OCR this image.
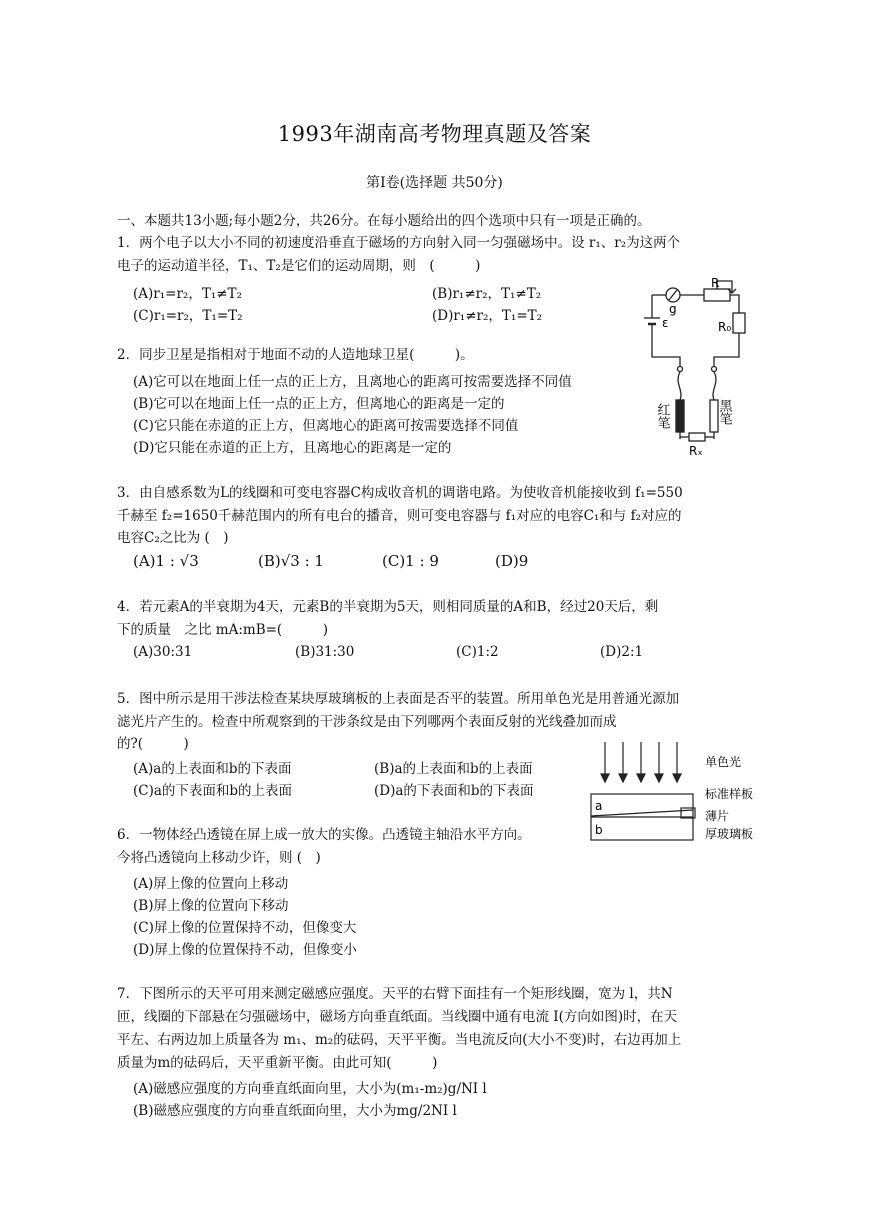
1993年湖南高考物理真题及答案
第Ⅰ卷(选择题 共50分)
一、本题共13小题;每小题2分，共26分。在每小题给出的四个选项中只有一项是正确的。
1．两个电子以大小不同的初速度沿垂直于磁场的方向射入同一匀强磁场中。设 r₁、r₂为这两个
电子的运动道半径，T₁、T₂是它们的运动周期，则　(　　　)
(A)r₁=r₂，T₁≠T₂	(B)r₁≠r₂，T₁≠T₂
(C)r₁=r₂，T₁=T₂	(D)r₁≠r₂，T₁=T₂	g
R
ε	R₀
红笔	黑笔
Rₓ
2．同步卫星是指相对于地面不动的人造地球卫星(　　　)。
(A)它可以在地面上任一点的正上方，且离地心的距离可按需要选择不同值
(B)它可以在地面上任一点的正上方，但离地心的距离是一定的
(C)它只能在赤道的正上方，但离地心的距离可按需要选择不同值
(D)它只能在赤道的正上方，且离地心的距离是一定的
3．由自感系数为L的线圈和可变电容器C构成收音机的调谐电路。为使收音机能接收到 f₁=550
千赫至 f₂=1650千赫范围内的所有电台的播音，则可变电容器与 f₁对应的电容C₁和与 f₂对应的
电容C₂之比为 (　)
(A)1 : √3	(B)√3 : 1	(C)1 : 9	(D)9
4．若元素A的半衰期为4天，元素B的半衰期为5天，则相同质量的A和B，经过20天后，剩
下的质量　之比 mA:mB=(　　　)
(A)30:31	(B)31:30	(C)1:2	(D)2:1
5．图中所示是用干涉法检查某块厚玻璃板的上表面是否平的装置。所用单色光是用普通光源加
滤光片产生的。检查中所观察到的干涉条纹是由下列哪两个表面反射的光线叠加而成
的?(　　　)
(A)a的上表面和b的下表面	(B)a的上表面和b的上表面
(C)a的下表面和b的上表面	(D)a的下表面和b的下表面
a
b
单色光
标准样板
薄片
厚玻璃板
6．一物体经凸透镜在屏上成一放大的实像。凸透镜主轴沿水平方向。
今将凸透镜向上移动少许，则 (　)
(A)屏上像的位置向上移动
(B)屏上像的位置向下移动
(C)屏上像的位置保持不动，但像变大
(D)屏上像的位置保持不动，但像变小
7．下图所示的天平可用来测定磁感应强度。天平的右臂下面挂有一个矩形线圈，宽为 l，共N
匝，线圈的下部悬在匀强磁场中，磁场方向垂直纸面。当线圈中通有电流 I(方向如图)时，在天
平左、右两边加上质量各为 m₁、m₂的砝码，天平平衡。当电流反向(大小不变)时，右边再加上
质量为m的砝码后，天平重新平衡。由此可知(　　　)
(A)磁感应强度的方向垂直纸面向里，大小为(m₁-m₂)g/NI l
(B)磁感应强度的方向垂直纸面向里，大小为mg/2NI l
